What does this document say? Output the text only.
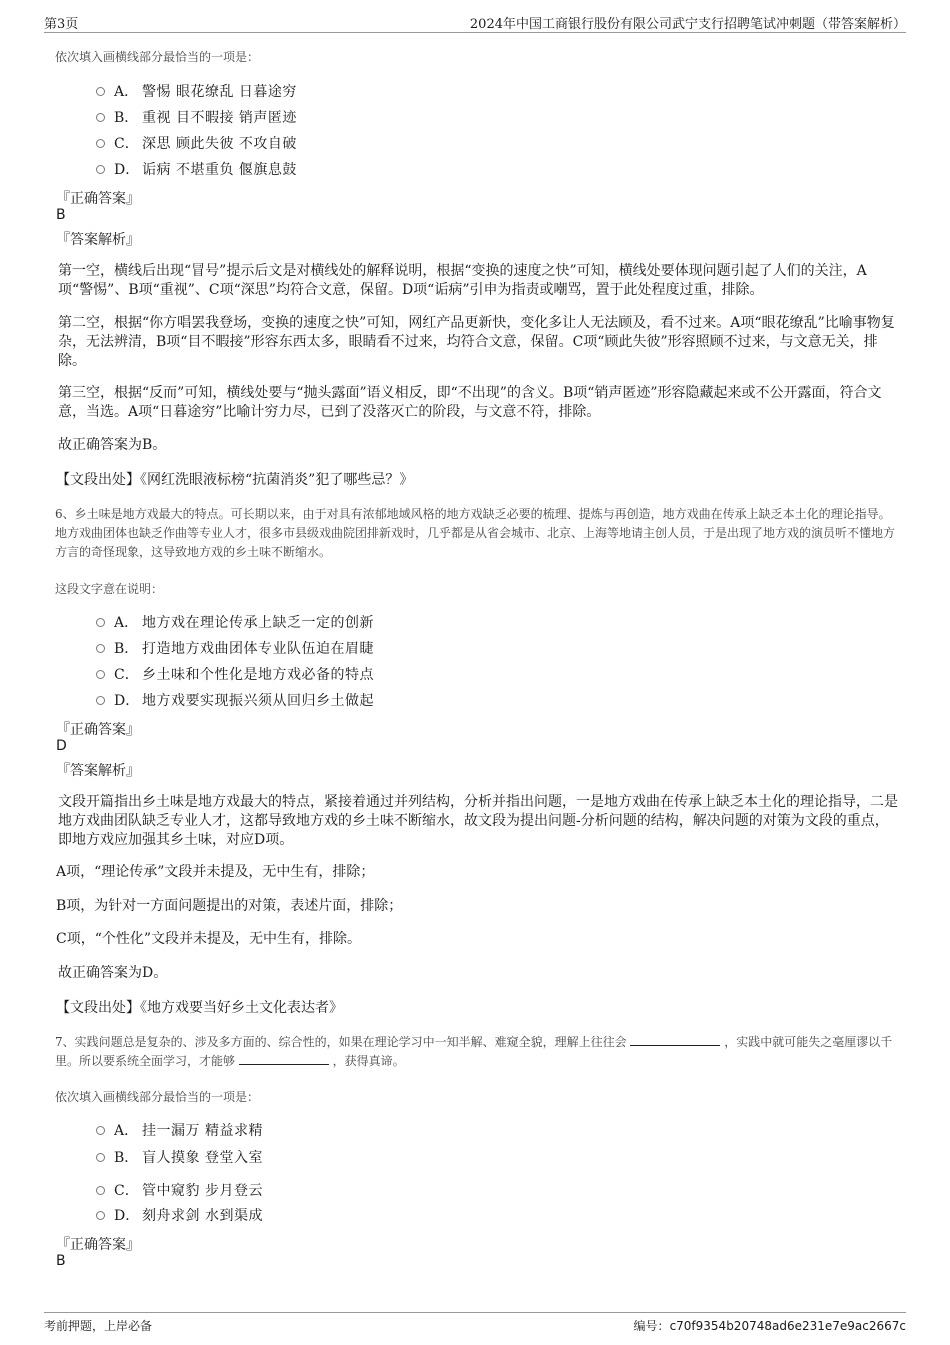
第3页	2024年中国工商银行股份有限公司武宁支行招聘笔试冲刺题（带答案解析）
依次填入画横线部分最恰当的一项是：
A． 警惕 眼花缭乱 日暮途穷
B． 重视 目不暇接 销声匿迹
C． 深思 顾此失彼 不攻自破
D． 诟病 不堪重负 偃旗息鼓
『正确答案』
B
『答案解析』
第一空，横线后出现“冒号”提示后文是对横线处的解释说明，根据“变换的速度之快”可知，横线处要体现问题引起了人们的关注，A项“警惕”、B项“重视”、C项“深思”均符合文意，保留。D项“诟病”引申为指责或嘲骂，置于此处程度过重，排除。
第二空，根据“你方唱罢我登场，变换的速度之快”可知，网红产品更新快，变化多让人无法顾及，看不过来。A项“眼花缭乱”比喻事物复杂，无法辨清，B项“目不暇接”形容东西太多，眼睛看不过来，均符合文意，保留。C项“顾此失彼”形容照顾不过来，与文意无关，排除。
第三空，根据“反而”可知，横线处要与“抛头露面”语义相反，即“不出现”的含义。B项“销声匿迹”形容隐藏起来或不公开露面，符合文意，当选。A项“日暮途穷”比喻计穷力尽，已到了没落灭亡的阶段，与文意不符，排除。
故正确答案为B。
【文段出处】《网红洗眼液标榜“抗菌消炎”犯了哪些忌？》
6、乡土味是地方戏最大的特点。可长期以来，由于对具有浓郁地域风格的地方戏缺乏必要的梳理、提炼与再创造，地方戏曲在传承上缺乏本土化的理论指导。地方戏曲团体也缺乏作曲等专业人才，很多市县级戏曲院团排新戏时，几乎都是从省会城市、北京、上海等地请主创人员，于是出现了地方戏的演员听不懂地方方言的奇怪现象，这导致地方戏的乡土味不断缩水。
这段文字意在说明：
A． 地方戏在理论传承上缺乏一定的创新
B． 打造地方戏曲团体专业队伍迫在眉睫
C． 乡土味和个性化是地方戏必备的特点
D． 地方戏要实现振兴须从回归乡土做起
『正确答案』
D
『答案解析』
文段开篇指出乡土味是地方戏最大的特点，紧接着通过并列结构，分析并指出问题，一是地方戏曲在传承上缺乏本土化的理论指导，二是地方戏曲团队缺乏专业人才，这都导致地方戏的乡土味不断缩水，故文段为提出问题-分析问题的结构，解决问题的对策为文段的重点，即地方戏应加强其乡土味，对应D项。
A项，“理论传承”文段并未提及，无中生有，排除；
B项，为针对一方面问题提出的对策，表述片面，排除；
C项，“个性化”文段并未提及，无中生有，排除。
故正确答案为D。
【文段出处】《地方戏要当好乡土文化表达者》
7、实践问题总是复杂的、涉及多方面的、综合性的，如果在理论学习中一知半解、难窥全貌，理解上往往会	，实践中就可能失之毫厘谬以千里。所以要系统全面学习，才能够	，获得真谛。
依次填入画横线部分最恰当的一项是：
A． 挂一漏万 精益求精
B． 盲人摸象 登堂入室
C． 管中窥豹 步月登云
D． 刻舟求剑 水到渠成
『正确答案』
B
考前押题，上岸必备	编号：c70f9354b20748ad6e231e7e9ac2667c
